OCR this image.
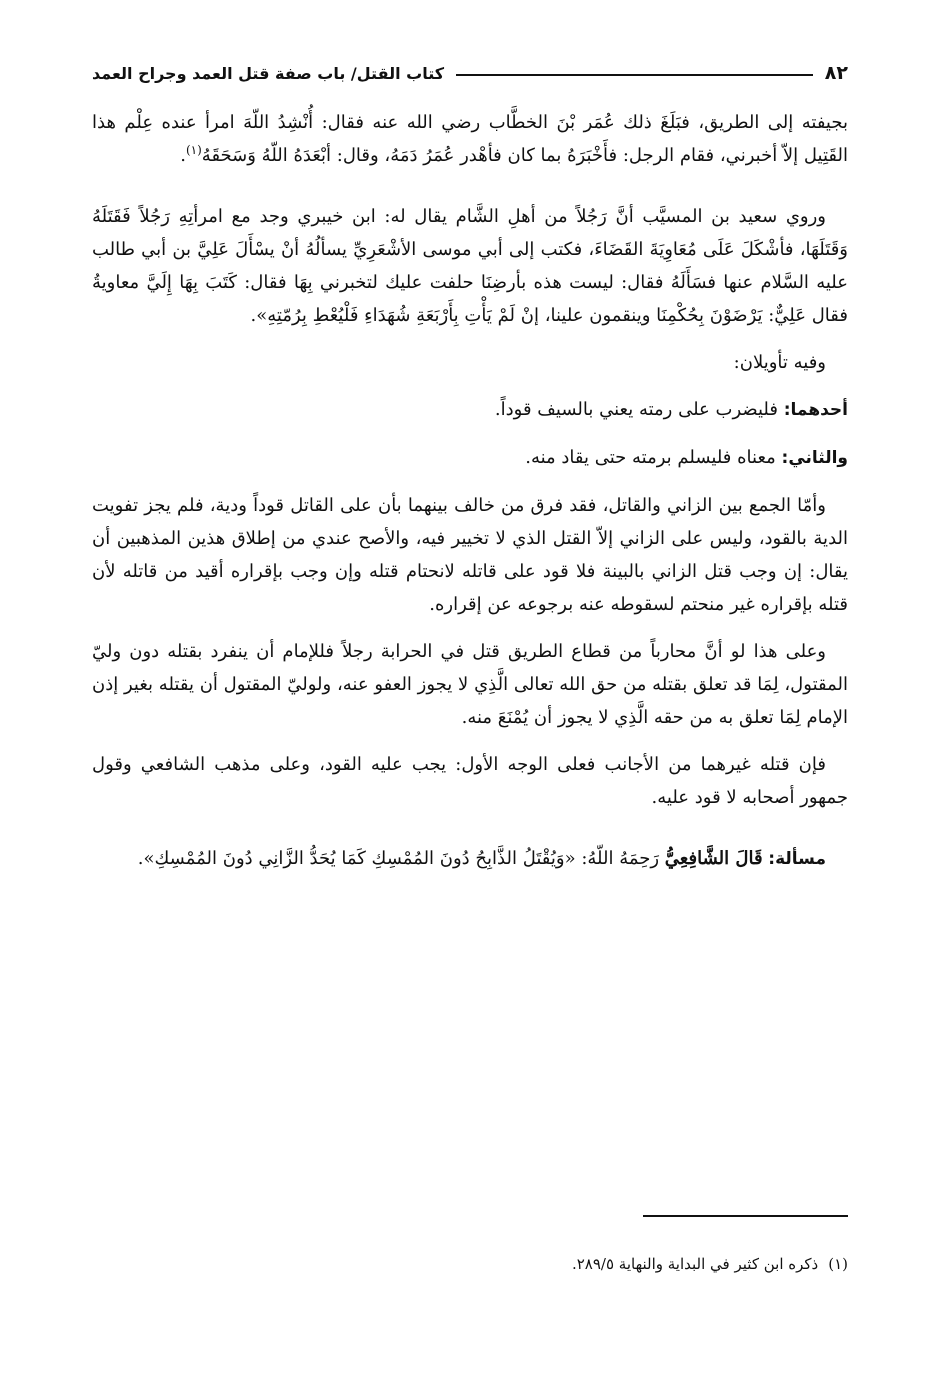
٨٢
كتاب القتل/ باب صفة قتل العمد وجراح العمد

بجيفته إلى الطريق، فبَلَغَ ذلك عُمَر بْنَ الخطَّاب رضي الله عنه فقال: أُنْشِدُ اللّهَ امرأ عنده عِلْم هذا القَتِيل إلاّ أخبرني، فقام الرجل: فأَخْبَرَهُ بما كان فأهْدر عُمَرُ دَمَهُ، وقال: أبْعَدَهُ اللّهُ وَسَحَقَهُ$^{(١)}$.

وروي سعيد بن المسيَّب أنَّ رَجُلاً من أهلِ الشَّام يقال له: ابن خيبري وجد مع امرأتِهِ رَجُلاً فَقَتَلَهُ وَقَتَلَهَا، فأشْكَلَ عَلَى مُعَاوِيَةَ القَضَاءَ، فكتب إلى أبي موسى الأشْعَرِيِّ يسألُهُ أنْ يسْأَلَ عَلِيَّ بن أبي طالب عليه السَّلام عنها فسَأَلَهُ فقال: ليست هذه بأرضِنَا حلفت عليك لتخبرني بِهَا فقال: كَتَبَ بِهَا إِلَيَّ معاويةُ فقال عَلِيٌّ: يَرْضَوْنَ بِحُكْمِنَا وينقمون علينا، إنْ لَمْ يَأْتِ بِأَرْبَعَةِ شُهَدَاءِ فَلْيُعْطِ بِرُمّتِهِ».

وفيه تأويلان:

أحدهما: فليضرب على رمته يعني بالسيف قوداً.

والثاني: معناه فليسلم برمته حتى يقاد منه.

وأمّا الجمع بين الزاني والقاتل، فقد فرق من خالف بينهما بأن على القاتل قوداً ودية، فلم يجز تفويت الدية بالقود، وليس على الزاني إلاّ القتل الذي لا تخيير فيه، والأصح عندي من إطلاق هذين المذهبين أن يقال: إن وجب قتل الزاني بالبينة فلا قود على قاتله لانحتام قتله وإن وجب بإقراره أقيد من قاتله لأن قتله بإقراره غير منحتم لسقوطه عنه برجوعه عن إقراره.

وعلى هذا لو أنَّ محارباً من قطاع الطريق قتل في الحرابة رجلاً فللإمام أن ينفرد بقتله دون وليّ المقتول، لِمَا قد تعلق بقتله من حق الله تعالى الَّذِي لا يجوز العفو عنه، ولوليّ المقتول أن يقتله بغير إذن الإمام لِمَا تعلق به من حقه الَّذِي لا يجوز أن يُمْنَعَ منه.

فإن قتله غيرهما من الأجانب فعلى الوجه الأول: يجب عليه القود، وعلى مذهب الشافعي وقول جمهور أصحابه لا قود عليه.

مسألة: قَالَ الشَّافِعِيُّ رَحِمَهُ اللّهُ: «وَيُقْتَلُ الذَّابِحُ دُونَ المُمْسِكِ كَمَا يُحَدُّ الزَّانِي دُونَ المُمْسِكِ».

(١)ذكره ابن كثير في البداية والنهاية ٢٨٩/٥.
